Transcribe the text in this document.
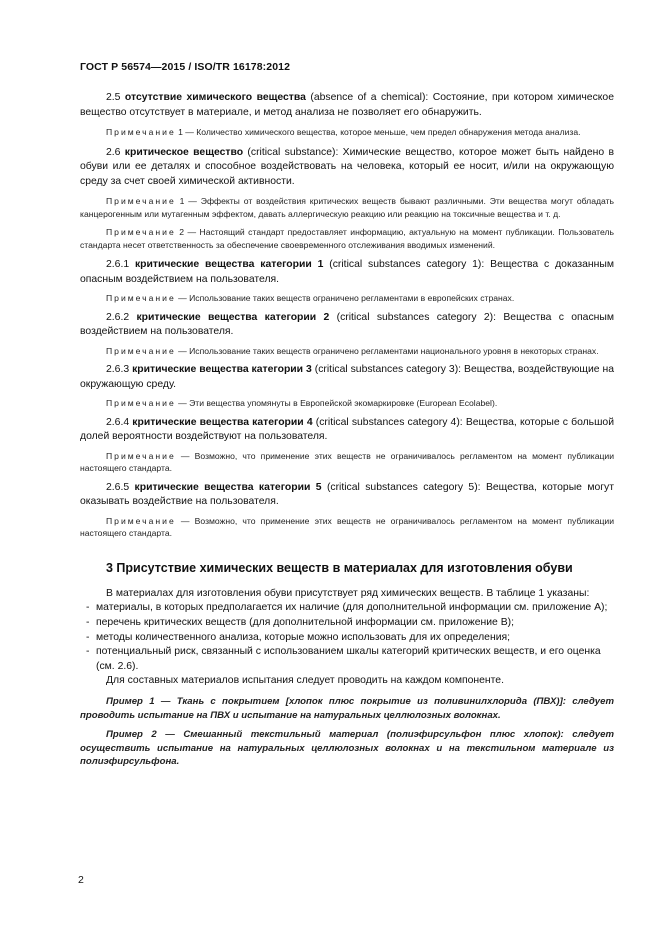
ГОСТ Р 56574—2015 / ISO/TR 16178:2012

2.5 отсутствие химического вещества (absence of a chemical): Состояние, при котором химическое вещество отсутствует в материале, и метод анализа не позволяет его обнаружить.

Примечание 1 — Количество химического вещества, которое меньше, чем предел обнаружения метода анализа.

2.6 критическое вещество (critical substance): Химические вещество, которое может быть найдено в обуви или ее деталях и способное воздействовать на человека, который ее носит, и/или на окружающую среду за счет своей химической активности.

Примечание 1 — Эффекты от воздействия критических веществ бывают различными. Эти вещества могут обладать канцерогенным или мутагенным эффектом, давать аллергическую реакцию или реакцию на токсичные вещества и т. д.

Примечание 2 — Настоящий стандарт предоставляет информацию, актуальную на момент публикации. Пользователь стандарта несет ответственность за обеспечение своевременного отслеживания вводимых изменений.

2.6.1 критические вещества категории 1 (critical substances category 1): Вещества с доказанным опасным воздействием на пользователя.

Примечание — Использование таких веществ ограничено регламентами в европейских странах.

2.6.2 критические вещества категории 2 (critical substances category 2): Вещества с опасным воздействием на пользователя.

Примечание — Использование таких веществ ограничено регламентами национального уровня в некоторых странах.

2.6.3 критические вещества категории 3 (critical substances category 3): Вещества, воздействующие на окружающую среду.

Примечание — Эти вещества упомянуты в Европейской экомаркировке (European Ecolabel).

2.6.4 критические вещества категории 4 (critical substances category 4): Вещества, которые с большой долей вероятности воздействуют на пользователя.

Примечание — Возможно, что применение этих веществ не ограничивалось регламентом на момент публикации настоящего стандарта.

2.6.5 критические вещества категории 5 (critical substances category 5): Вещества, которые могут оказывать воздействие на пользователя.

Примечание — Возможно, что применение этих веществ не ограничивалось регламентом на момент публикации настоящего стандарта.

3 Присутствие химических веществ в материалах для изготовления обуви

В материалах для изготовления обуви присутствует ряд химических веществ. В таблице 1 указаны:

- материалы, в которых предполагается их наличие (для дополнительной информации см. приложение А);
- перечень критических веществ (для дополнительной информации см. приложение В);
- методы количественного анализа, которые можно использовать для их определения;
- потенциальный риск, связанный с использованием шкалы категорий критических веществ, и его оценка (см. 2.6).

Для составных материалов испытания следует проводить на каждом компоненте.

Пример 1 — Ткань с покрытием [хлопок плюс покрытие из поливинилхлорида (ПВХ)]: следует проводить испытание на ПВХ и испытание на натуральных целлюлозных волокнах.

Пример 2 — Смешанный текстильный материал (полиэфирсульфон плюс хлопок): следует осуществить испытание на натуральных целлюлозных волокнах и на текстильном материале из полиэфирсульфона.

2
